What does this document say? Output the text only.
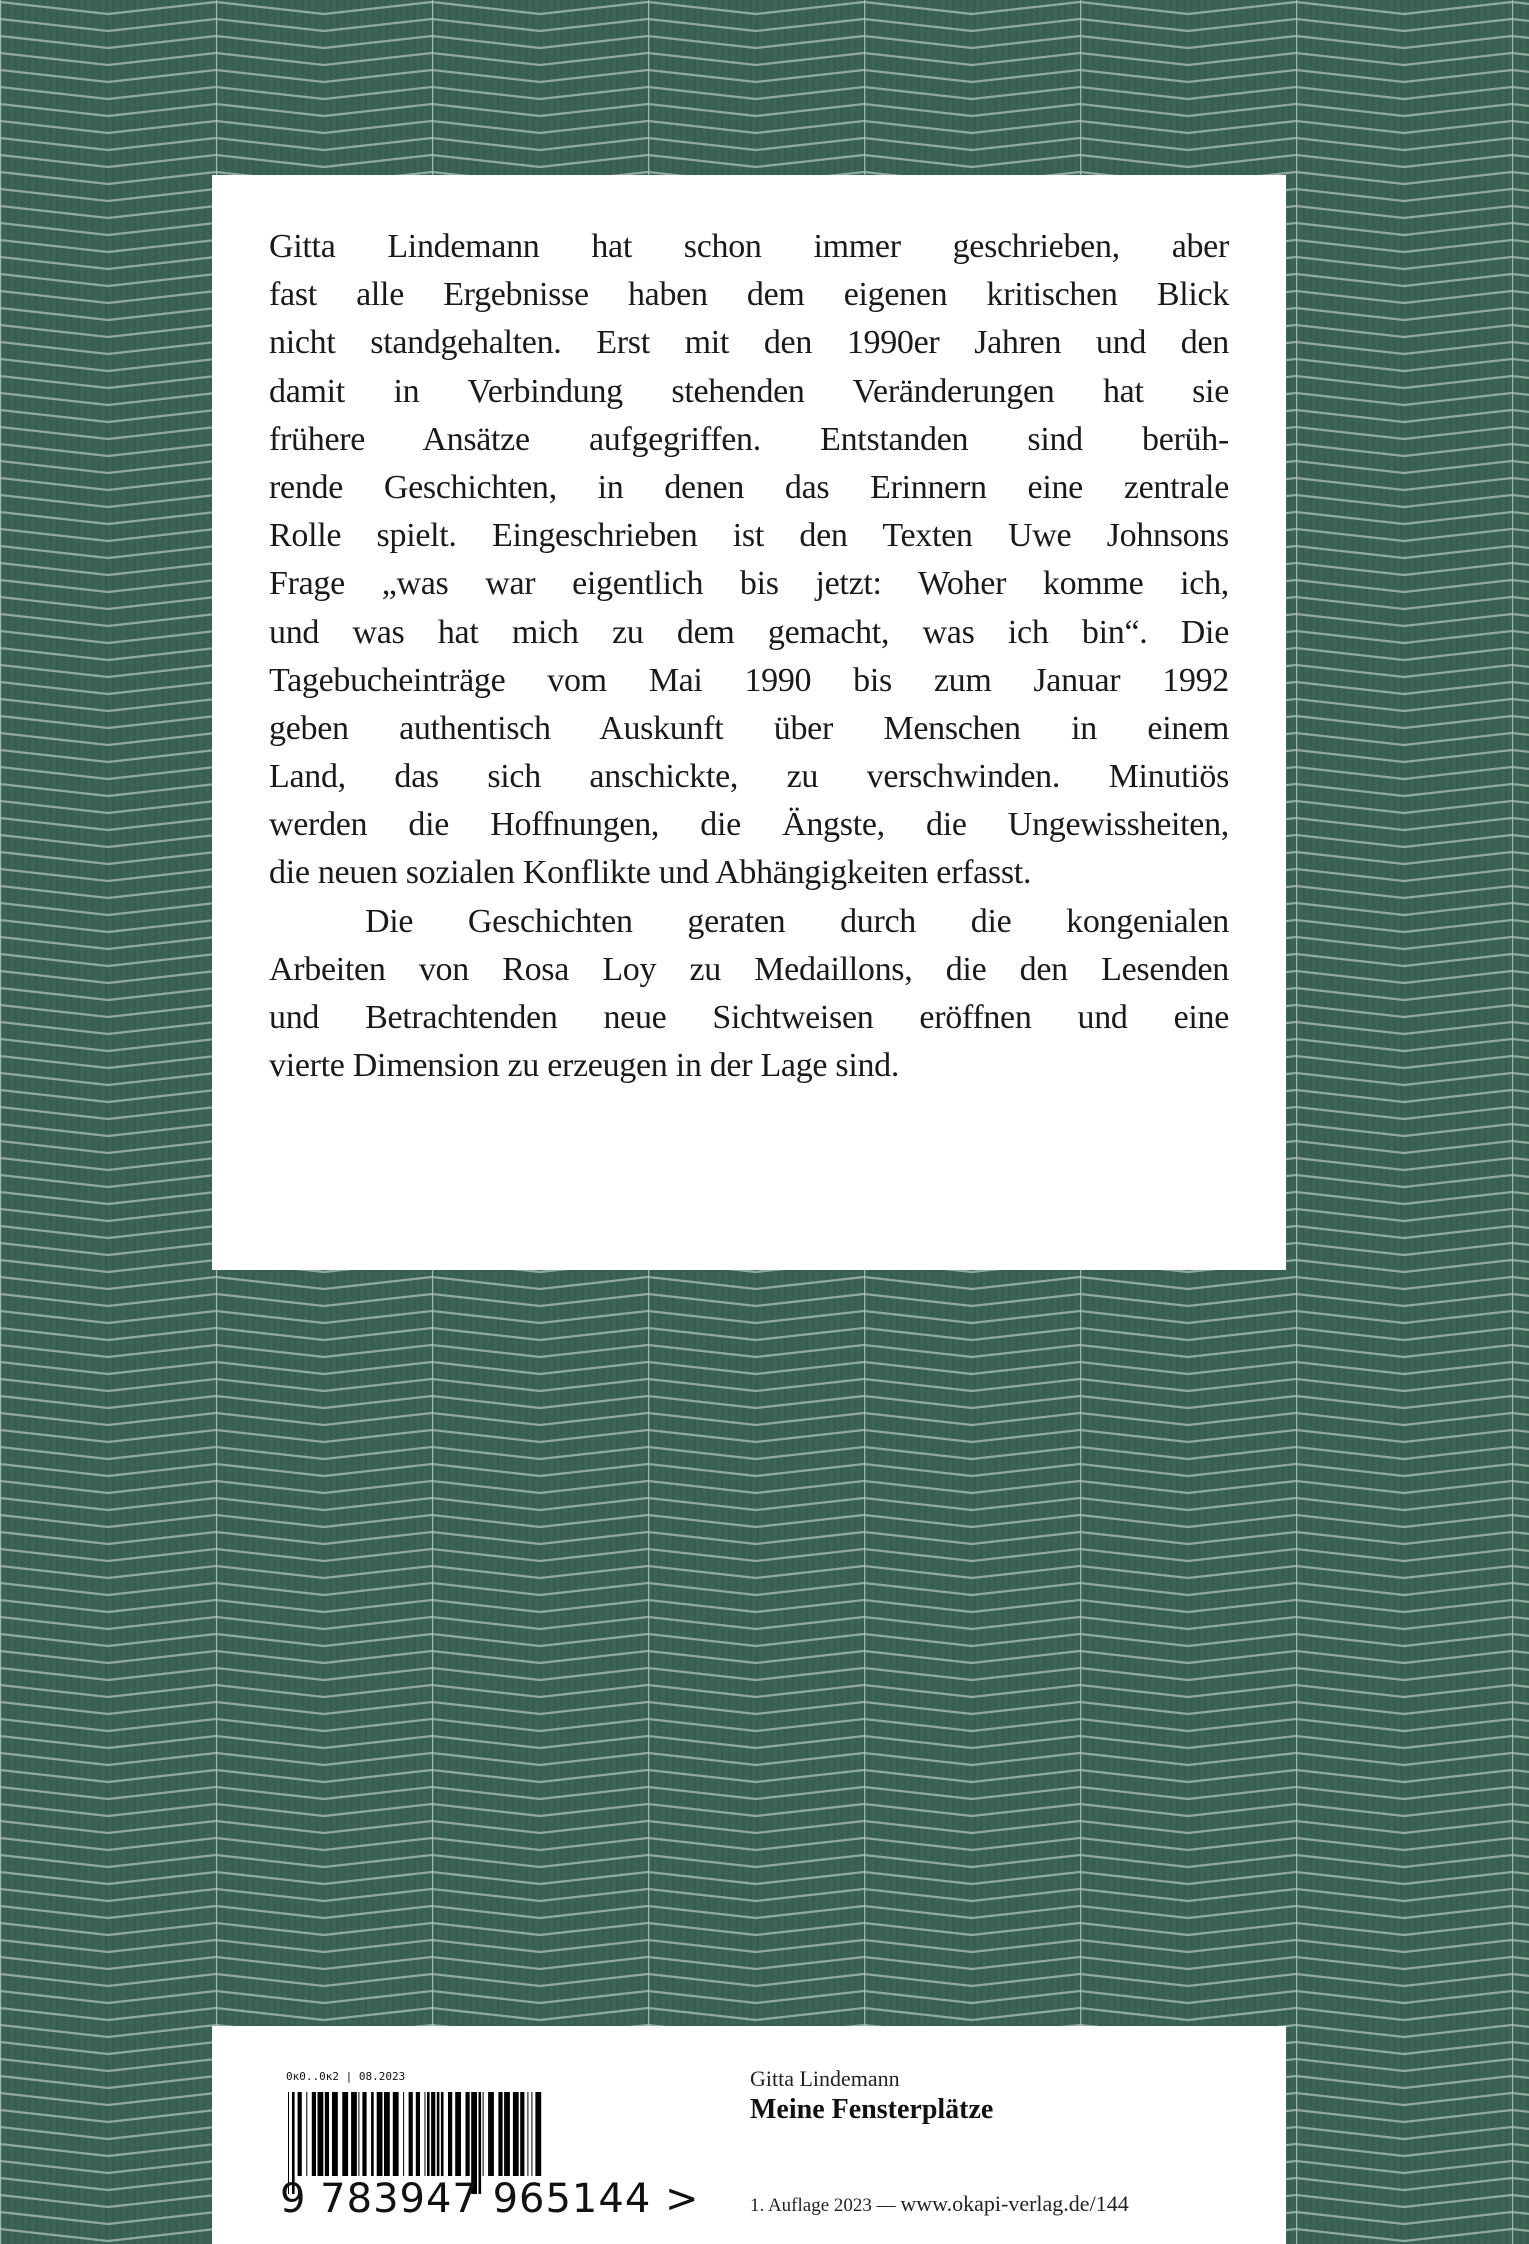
Gitta Lindemann hat schon immer geschrieben, aber
fast alle Ergebnisse haben dem eigenen kritischen Blick
nicht standgehalten. Erst mit den 1990er Jahren und den
damit in Verbindung stehenden Veränderungen hat sie
frühere Ansätze aufgegriffen. Entstanden sind berüh-
rende Geschichten, in denen das Erinnern eine zentrale
Rolle spielt. Eingeschrieben ist den Texten Uwe Johnsons
Frage „was war eigentlich bis jetzt: Woher komme ich,
und was hat mich zu dem gemacht, was ich bin“. Die
Tagebucheinträge vom Mai 1990 bis zum Januar 1992
geben authentisch Auskunft über Menschen in einem
Land, das sich anschickte, zu verschwinden. Minutiös
werden die Hoffnungen, die Ängste, die Ungewissheiten,
die neuen sozialen Konflikte und Abhängigkeiten erfasst.
Die Geschichten geraten durch die kongenialen
Arbeiten von Rosa Loy zu Medaillons, die den Lesenden
und Betrachtenden neue Sichtweisen eröffnen und eine
vierte Dimension zu erzeugen in der Lage sind.
0к0..0к2 | 08.2023
9 783947 965144 >
Gitta Lindemann
Meine Fensterplätze
1. Auflage 2023 — www.okapi-verlag.de/144
